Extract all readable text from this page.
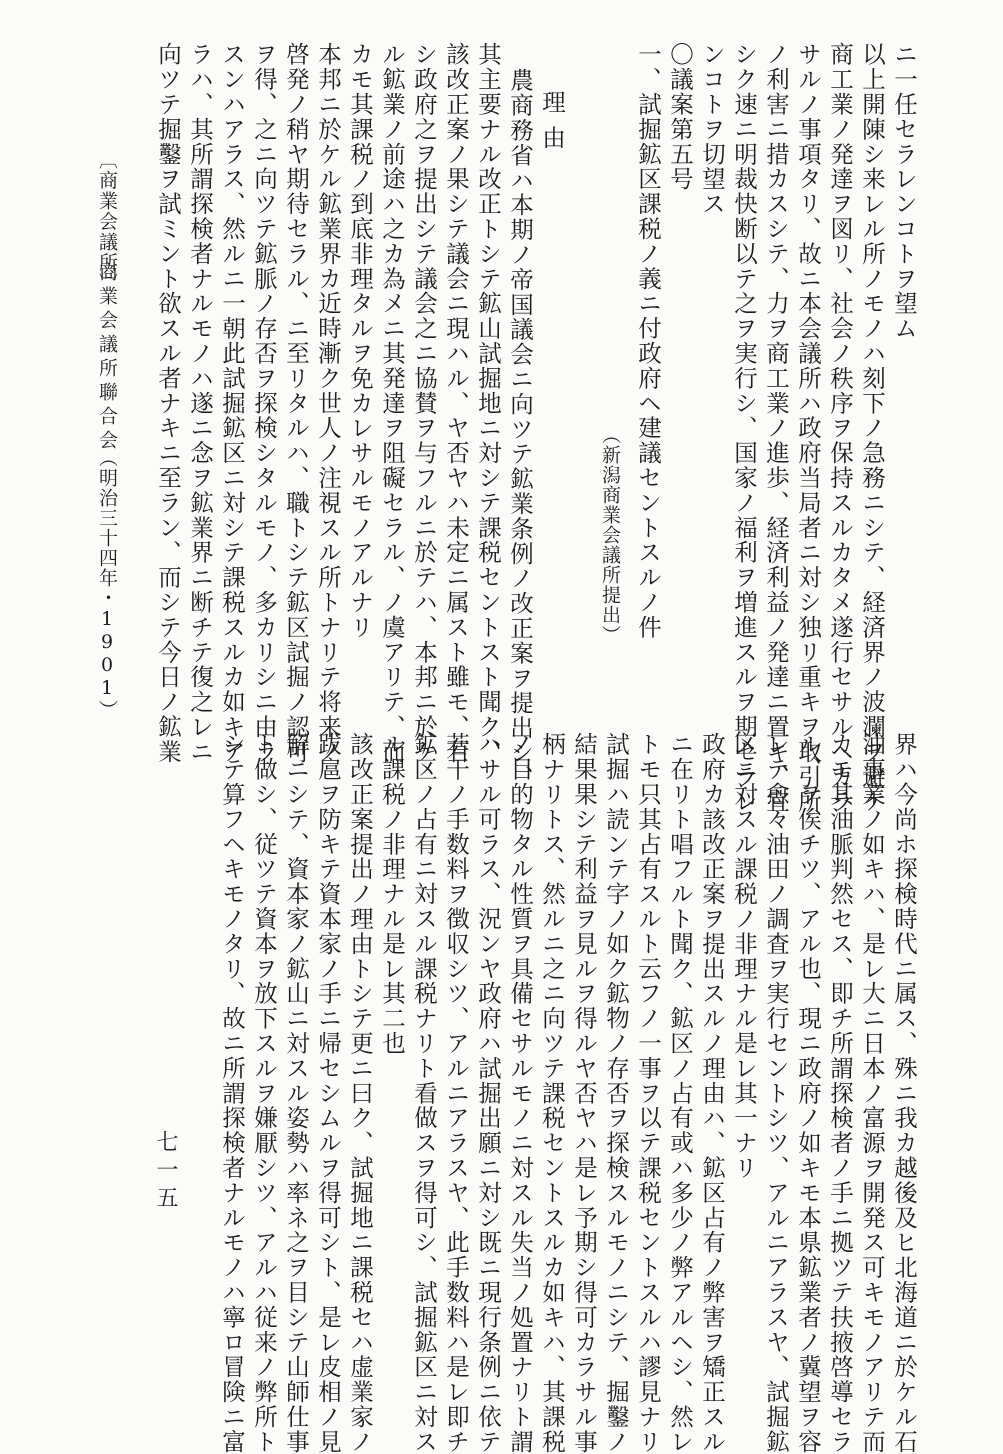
ニ一任セラレンコトヲ望ム
以上開陳シ来レル所ノモノハ刻下ノ急務ニシテ、経済界ノ波瀾ヲ避ケ
商工業ノ発達ヲ図リ、社会ノ秩序ヲ保持スルカタメ遂行セサルヘカラ
サルノ事項タリ、故ニ本会議所ハ政府当局者ニ対シ独リ重キヲ取引所
ノ利害ニ措カスシテ、力ヲ商工業ノ進歩、経済利益ノ発達ニ置キ、宜
シク速ニ明裁快断以テ之ヲ実行シ、国家ノ福利ヲ増進スルヲ期セラレ
ンコトヲ切望ス
〇議案第五号
一、試掘鉱区課税ノ義ニ付政府ヘ建議セントスルノ件
（新潟商業会議所提出）
理由
農商務省ハ本期ノ帝国議会ニ向ツテ鉱業条例ノ改正案ヲ提出シ、
其主要ナル改正トシテ鉱山試掘地ニ対シテ課税セントスト聞ク、
該改正案ノ果シテ議会ニ現ハル、ヤ否ヤハ未定ニ属スト雖モ、若
シ政府之ヲ提出シテ議会之ニ協賛ヲ与フルニ於テハ、本邦ニ於ケ
ル鉱業ノ前途ハ之カ為メニ其発達ヲ阻礙セラル、ノ虞アリテ、而
カモ其課税ノ到底非理タルヲ免カレサルモノアルナリ
本邦ニ於ケル鉱業界カ近時漸ク世人ノ注視スル所トナリテ将来ノ
啓発ノ稍ヤ期待セラル、ニ至リタルハ、職トシテ鉱区試掘ノ認可
ヲ得、之ニ向ツテ鉱脈ノ存否ヲ探検シタルモノ、多カリシニ由ラ
スンハアラス、然ルニ一朝此試掘鉱区ニ対シテ課税スルカ如キア
ラハ、其所謂探検者ナルモノハ遂ニ念ヲ鉱業界ニ断チテ復之レニ
向ツテ掘鑿ヲ試ミント欲スル者ナキニ至ラン、而シテ今日ノ鉱業
〔商業会議所〕
商業会議所聯合会
（明治三十四年・1901）
界ハ今尚ホ探検時代ニ属ス、殊ニ我カ越後及ヒ北海道ニ於ケル石
油事業ノ如キハ、是レ大ニ日本ノ富源ヲ開発ス可キモノアリテ而
カモ其油脈判然セス、即チ所謂探検者ノ手ニ拠ツテ扶掖啓導セラ
ル、ヲ俟チツ、アル也、現ニ政府ノ如キモ本県鉱業者ノ冀望ヲ容
レテ愈々油田ノ調査ヲ実行セントシツ、アルニアラスヤ、試掘鉱
区ニ対スル課税ノ非理ナル是レ其一ナリ
政府カ該改正案ヲ提出スルノ理由ハ、鉱区占有ノ弊害ヲ矯正スル
ニ在リト唱フルト聞ク、鉱区ノ占有或ハ多少ノ弊アルヘシ、然レ
トモ只其占有スルト云フノ一事ヲ以テ課税セントスルハ謬見ナリ
試掘ハ読ンテ字ノ如ク鉱物ノ存否ヲ探検スルモノニシテ、掘鑿ノ
結果果シテ利益ヲ見ルヲ得ルヤ否ヤハ是レ予期シ得可カラサル事
柄ナリトス、然ルニ之ニ向ツテ課税セントスルカ如キハ、其課税
ノ目的物タル性質ヲ具備セサルモノニ対スル失当ノ処置ナリト謂
ハサル可ラス、況ンヤ政府ハ試掘出願ニ対シ既ニ現行条例ニ依テ
若干ノ手数料ヲ徴収シツ、アルニアラスヤ、此手数料ハ是レ即チ
鉱区ノ占有ニ対スル課税ナリト看做スヲ得可シ、試掘鉱区ニ対ス
ル課税ノ非理ナル是レ其二也
該改正案提出ノ理由トシテ更ニ曰ク、試掘地ニ課税セハ虚業家ノ
跋扈ヲ防キテ資本家ノ手ニ帰セシムルヲ得可シト、是レ皮相ノ見
解ニシテ、資本家ノ鉱山ニ対スル姿勢ハ率ネ之ヲ目シテ山師仕事
ト做シ、従ツテ資本ヲ放下スルヲ嫌厭シツ、アルハ従来ノ弊所ト
シテ算フヘキモノタリ、故ニ所謂探検者ナルモノハ寧ロ冒険ニ富
七一五
